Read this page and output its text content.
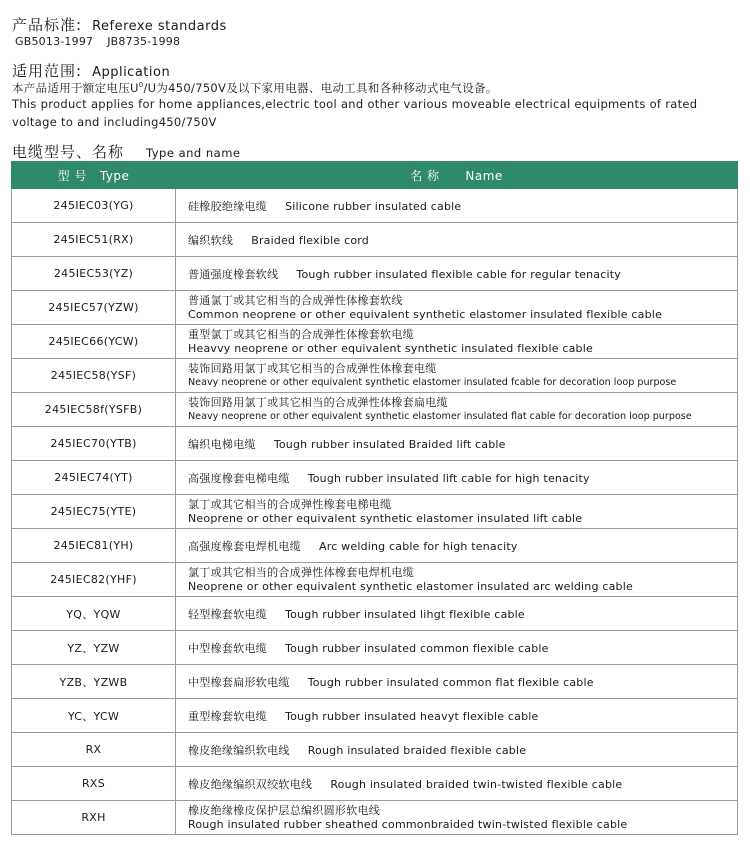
产品标准: Referexe standards
GB5013-1997 JB8735-1998
适用范围: Application
本产品适用于额定电压$U^0/U$为450/750V及以下家用电器、电动工具和各种移动式电气设备。
This product applies for home appliances,electric tool and other various moveable electrical equipments of rated
voltage to and including450/750V
电缆型号、名称 Type and name
型 号 Type	名 称 Name
245IEC03(YG)	硅橡胶绝缘电缆 Silicone rubber insulated cable
245IEC51(RX)	编织软线 Braided flexible cord
245IEC53(YZ)	普通强度橡套软线 Tough rubber insulated flexible cable for regular tenacity
245IEC57(YZW)	普通氯丁或其它相当的合成弹性体橡套软线
Common neoprene or other equivalent synthetic elastomer insulated flexible cable

245IEC66(YCW)	重型氯丁或其它相当的合成弹性体橡套软电缆
Heavvy neoprene or other equivalent synthetic insulated flexible cable

245IEC58(YSF)	装饰回路用氯丁或其它相当的合成弹性体橡套电缆
Neavy neoprene or other equivalent synthetic elastomer insulated fcable for decoration loop purpose

245IEC58f(YSFB)	装饰回路用氯丁或其它相当的合成弹性体橡套扁电缆
Neavy neoprene or other equivalent synthetic elastomer insulated flat cable for decoration loop purpose

245IEC70(YTB)	编织电梯电缆 Tough rubber insulated Braided lift cable
245IEC74(YT)	高强度橡套电梯电缆 Tough rubber insulated lift cable for high tenacity
245IEC75(YTE)	氯丁或其它相当的合成弹性橡套电梯电缆
Neoprene or other equivalent synthetic elastomer insulated lift cable

245IEC81(YH)	高强度橡套电焊机电缆 Arc welding cable for high tenacity
245IEC82(YHF)	氯丁或其它相当的合成弹性体橡套电焊机电缆
Neoprene or other equivalent synthetic elastomer insulated arc welding cable

YQ、YQW	轻型橡套软电缆 Tough rubber insulated lihgt flexible cable
YZ、YZW	中型橡套软电缆 Tough rubber insulated common flexible cable
YZB、YZWB	中型橡套扁形软电缆 Tough rubber insulated common flat flexible cable
YC、YCW	重型橡套软电缆 Tough rubber insulated heavyt flexible cable
RX	橡皮绝缘编织软电线 Rough insulated braided flexible cable
RXS	橡皮绝缘编织双绞软电线 Rough insulated braided twin-twisted flexible cable
RXH	橡皮绝缘橡皮保护层总编织圆形软电线
Rough insulated rubber sheathed commonbraided twin-twisted flexible cable
